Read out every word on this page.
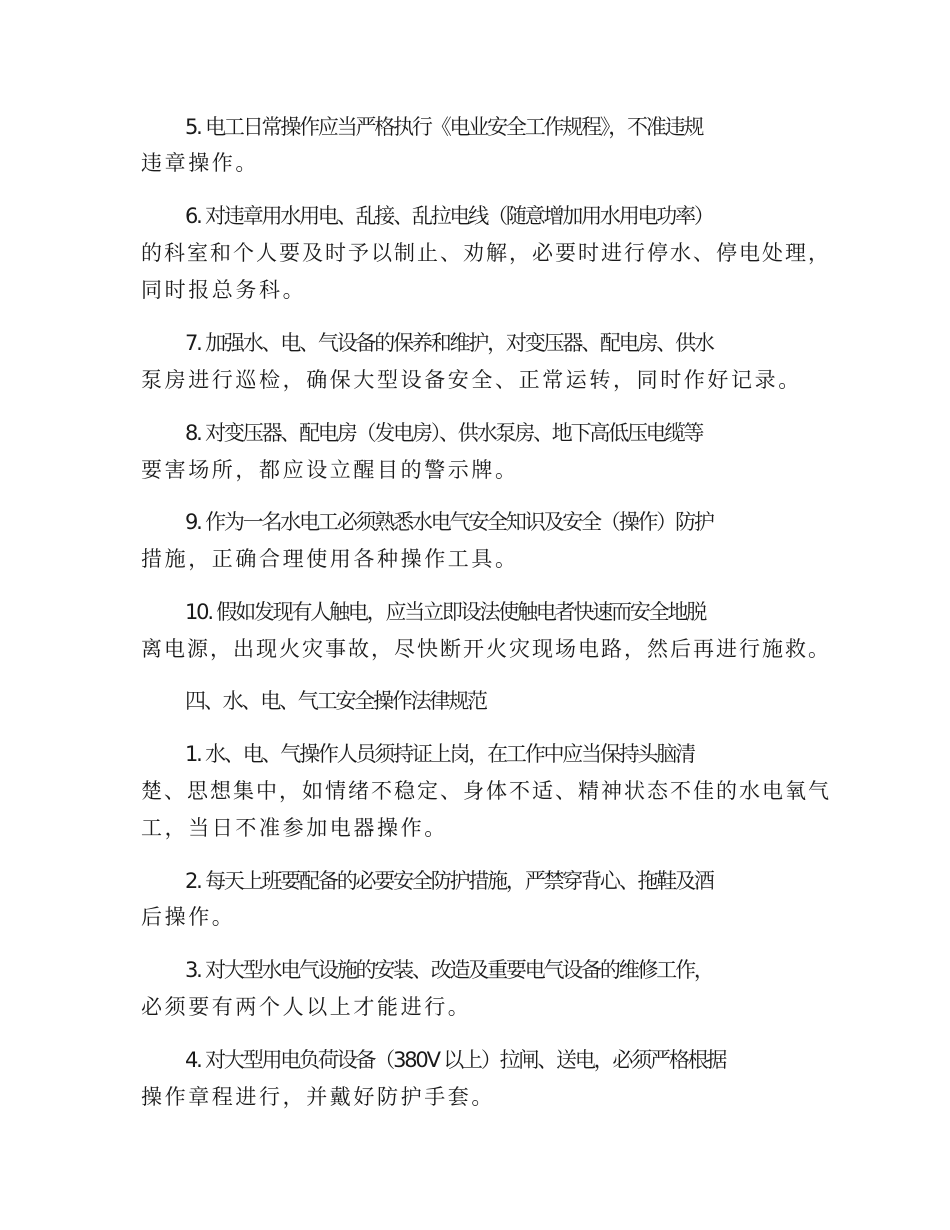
5. 电工日常操作应当严格执行《电业安全工作规程》，不准违规
违章操作。
6. 对违章用水用电、乱接、乱拉电线（随意增加用水用电功率）
的科室和个人要及时予以制止、劝解，必要时进行停水、停电处理，
同时报总务科。
7. 加强水、电、气设备的保养和维护，对变压器、配电房、供水
泵房进行巡检，确保大型设备安全、正常运转，同时作好记录。
8. 对变压器、配电房（发电房）、供水泵房、地下高低压电缆等
要害场所，都应设立醒目的警示牌。
9. 作为一名水电工必须熟悉水电气安全知识及安全（操作）防护
措施，正确合理使用各种操作工具。
10. 假如发现有人触电，应当立即设法使触电者快速而安全地脱
离电源，出现火灾事故，尽快断开火灾现场电路，然后再进行施救。
四、水、电、气工安全操作法律规范
1. 水、电、气操作人员须持证上岗，在工作中应当保持头脑清
楚、思想集中，如情绪不稳定、身体不适、精神状态不佳的水电氧气
工，当日不准参加电器操作。
2. 每天上班要配备的必要安全防护措施，严禁穿背心、拖鞋及酒
后操作。
3. 对大型水电气设施的安装、改造及重要电气设备的维修工作，
必须要有两个人以上才能进行。
4. 对大型用电负荷设备（380V 以上）拉闸、送电，必须严格根据
操作章程进行，并戴好防护手套。
